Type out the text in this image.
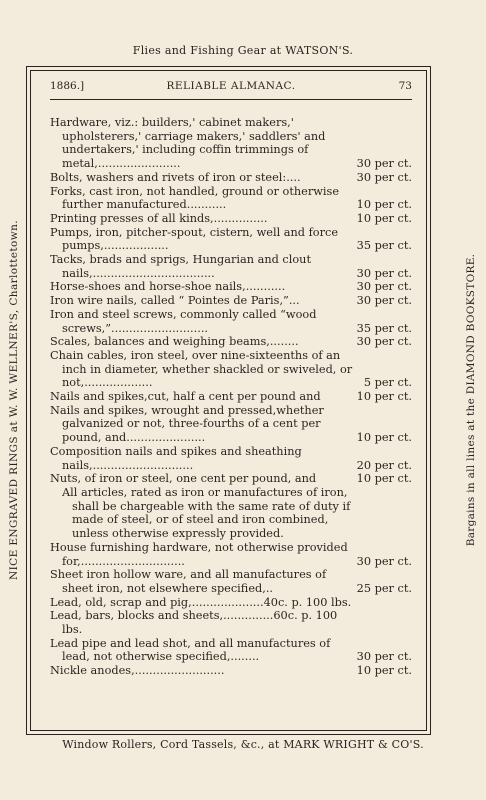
Flies and Fishing Gear at WATSON'S.
NICE ENGRAVED RINGS at W. W. WELLNER'S, Charlottetown.	Bargains in all lines at the DIAMOND BOOKSTORE.
1886.]	RELIABLE ALMANAC.	73
Hardware, viz.: builders,' cabinet makers,' upholsterers,' carriage makers,' saddlers' and undertakers,' including coffin trimmings of metal,.......................	30 per ct.
Bolts, washers and rivets of iron or steel:....	30 per ct.
Forks, cast iron, not handled, ground or otherwise further manufactured...........	10 per ct.
Printing presses of all kinds,...............	10 per ct.
Pumps, iron, pitcher-spout, cistern, well and force pumps,..................	35 per ct.
Tacks, brads and sprigs, Hungarian and clout nails,..................................	30 per ct.
Horse-shoes and horse-shoe nails,...........	30 per ct.
Iron wire nails, called “ Pointes de Paris,”...	30 per ct.
Iron and steel screws, commonly called “wood screws,”...........................	35 per ct.
Scales, balances and weighing beams,........	30 per ct.
Chain cables, iron steel, over nine-sixteenths of an inch in diameter, whether shackled or swiveled, or not,...................	5 per ct.
Nails and spikes,cut, half a cent per pound and	10 per ct.
Nails and spikes, wrought and pressed,whether galvanized or not, three-fourths of a cent per pound, and......................	10 per ct.
Composition nails and spikes and sheathing nails,............................	20 per ct.
Nuts, of iron or steel, one cent per pound, and	10 per ct.
All articles, rated as iron or manufactures of iron, shall be chargeable with the same rate of duty if made of steel, or of steel and iron combined, unless otherwise expressly provided.
House furnishing hardware, not otherwise provided for,.............................	30 per ct.
Sheet iron hollow ware, and all manufactures of sheet iron, not elsewhere specified,..	25 per ct.
Lead, old, scrap and pig,....................40c. p. 100 lbs.
Lead, bars, blocks and sheets,..............60c. p. 100 lbs.
Lead pipe and lead shot, and all manufactures of lead, not otherwise specified,........	30 per ct.
Nickle anodes,.........................	10 per ct.
Window Rollers, Cord Tassels, &c., at MARK WRIGHT & CO'S.
